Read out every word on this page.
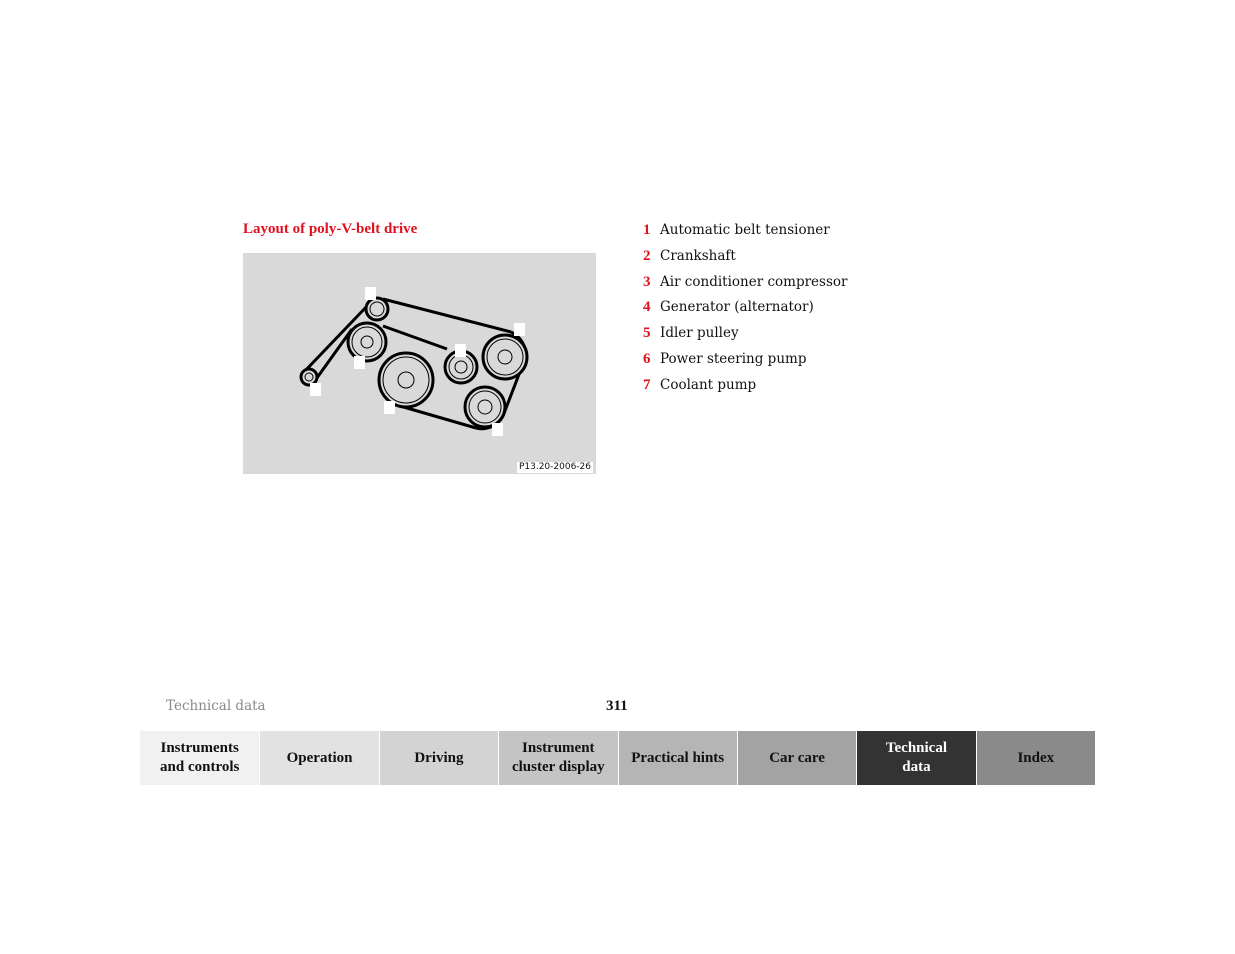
Layout of poly-V-belt drive
P13.20-2006-26
1 Automatic belt tensioner
2 Crankshaft
3 Air conditioner compressor
4 Generator (alternator)
5 Idler pulley
6 Power steering pump
7 Coolant pump
Technical data	311
Instruments
and controls
Operation	Driving
Instrument
cluster display
Practical hints	Car care
Technical
data
Index
